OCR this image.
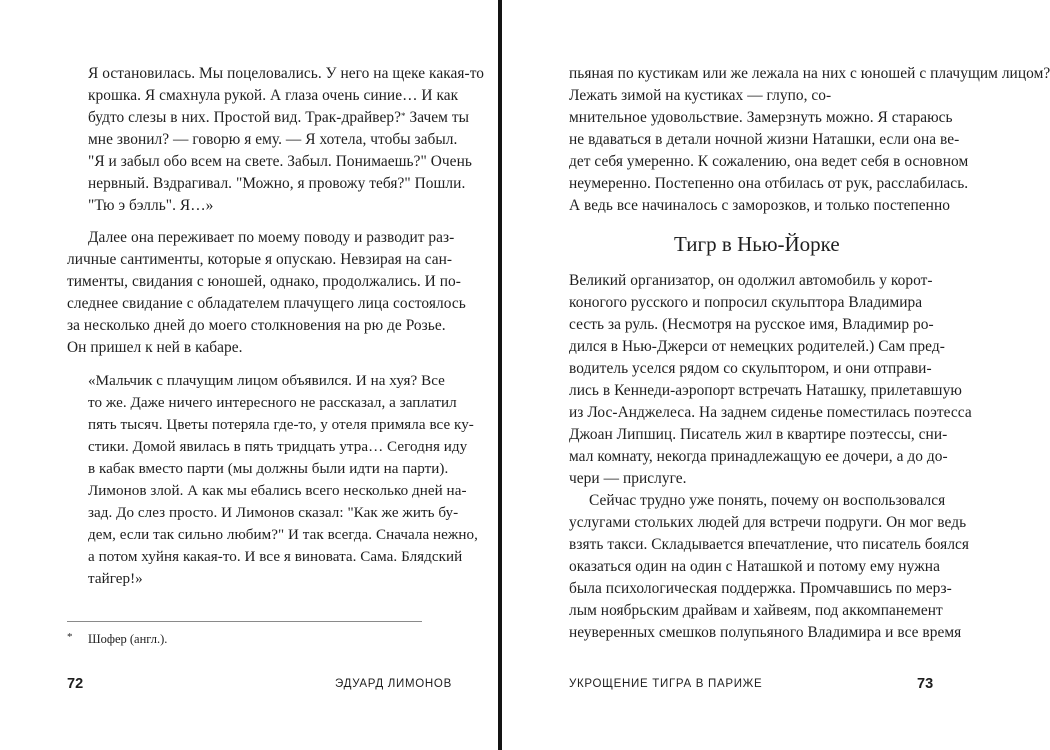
Я остановилась. Мы поцеловались. У него на щеке какая-то
крошка. Я смахнула рукой. А глаза очень синие… И как
будто слезы в них. Простой вид. Трак-драйвер?* Зачем ты
мне звонил? — говорю я ему. — Я хотела, чтобы забыл.
"Я и забыл обо всем на свете. Забыл. Понимаешь?" Очень
нервный. Вздрагивал. "Можно, я провожу тебя?" Пошли.
"Тю э бэлль". Я…»
Далее она переживает по моему поводу и разводит раз-
личные сантименты, которые я опускаю. Невзирая на сан-
тименты, свидания с юношей, однако, продолжались. И по-
следнее свидание с обладателем плачущего лица состоялось
за несколько дней до моего столкновения на рю де Розье.
Он пришел к ней в кабаре.
«Мальчик с плачущим лицом объявился. И на хуя? Все
то же. Даже ничего интересного не рассказал, а заплатил
пять тысяч. Цветы потеряла где-то, у отеля примяла все ку-
стики. Домой явилась в пять тридцать утра… Сегодня иду
в кабак вместо парти (мы должны были идти на парти).
Лимонов злой. А как мы ебались всего несколько дней на-
зад. До слез просто. И Лимонов сказал: "Как же жить бу-
дем, если так сильно любим?" И так всегда. Сначала нежно,
а потом хуйня какая-то. И все я виновата. Сама. Блядский
тайгер!»
* Шофер (англ.).
72	ЭДУАРД ЛИМОНОВ
пьяная по кустикам или же лежала на них с юношей с плачущим лицом?
Лежать зимой на кустиках — глупо, со-
мнительное удовольствие. Замерзнуть можно. Я стараюсь
не вдаваться в детали ночной жизни Наташки, если она ве-
дет себя умеренно. К сожалению, она ведет себя в основном
неумеренно. Постепенно она отбилась от рук, расслабилась.
А ведь все начиналось с заморозков, и только постепенно
Тигр в Нью-Йорке
Великий организатор, он одолжил автомобиль у корот-
коногого русского и попросил скульптора Владимира
сесть за руль. (Несмотря на русское имя, Владимир ро-
дился в Нью-Джерси от немецких родителей.) Сам пред-
водитель уселся рядом со скульптором, и они отправи-
лись в Кеннеди-аэропорт встречать Наташку, прилетавшую
из Лос-Анджелеса. На заднем сиденье поместилась поэтесса
Джоан Липшиц. Писатель жил в квартире поэтессы, сни-
мал комнату, некогда принадлежащую ее дочери, а до до-
чери — прислуге.
Сейчас трудно уже понять, почему он воспользовался
услугами стольких людей для встречи подруги. Он мог ведь
взять такси. Складывается впечатление, что писатель боялся
оказаться один на один с Наташкой и потому ему нужна
была психологическая поддержка. Промчавшись по мерз-
лым ноябрьским драйвам и хайвеям, под аккомпанемент
неуверенных смешков полупьяного Владимира и все время
УКРОЩЕНИЕ ТИГРА В ПАРИЖЕ	73
